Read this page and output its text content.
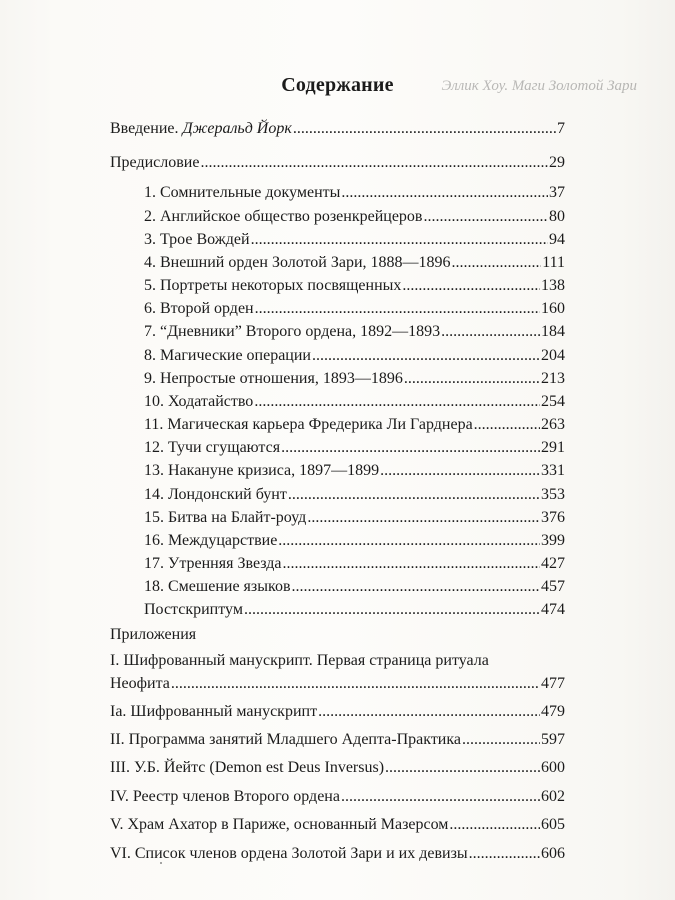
Эллик Хоу. Маги Золотой Зари
Содержание
Введение. Джеральд Йорк .....	7
Предисловие .....	29
1. Сомнительные документы .....	37
2. Английское общество розенкрейцеров .....	80
3. Трое Вождей .....	94
4. Внешний орден Золотой Зари, 1888—1896 .....	111
5. Портреты некоторых посвященных .....	138
6. Второй орден .....	160
7. “Дневники” Второго ордена, 1892—1893 .....	184
8. Магические операции .....	204
9. Непростые отношения, 1893—1896 .....	213
10. Ходатайство .....	254
11. Магическая карьера Фредерика Ли Гарднера .....	263
12. Тучи сгущаются .....	291
13. Накануне кризиса, 1897—1899 .....	331
14. Лондонский бунт .....	353
15. Битва на Блайт-роуд .....	376
16. Междуцарствие .....	399
17. Утренняя Звезда .....	427
18. Смешение языков .....	457
Постскриптум .....	474
Приложения
I. Шифрованный манускрипт. Первая страница ритуала
Неофита .....	477
Ia. Шифрованный манускрипт .....	479
II. Программа занятий Младшего Адепта-Практика .....	597
III. У.Б. Йейтс (Demon est Deus Inversus) .....	600
IV. Реестр членов Второго ордена .....	602
V. Храм Ахатор в Париже, основанный Мазерсом .....	605
VI. Список членов ордена Золотой Зари и их девизы .....	606
